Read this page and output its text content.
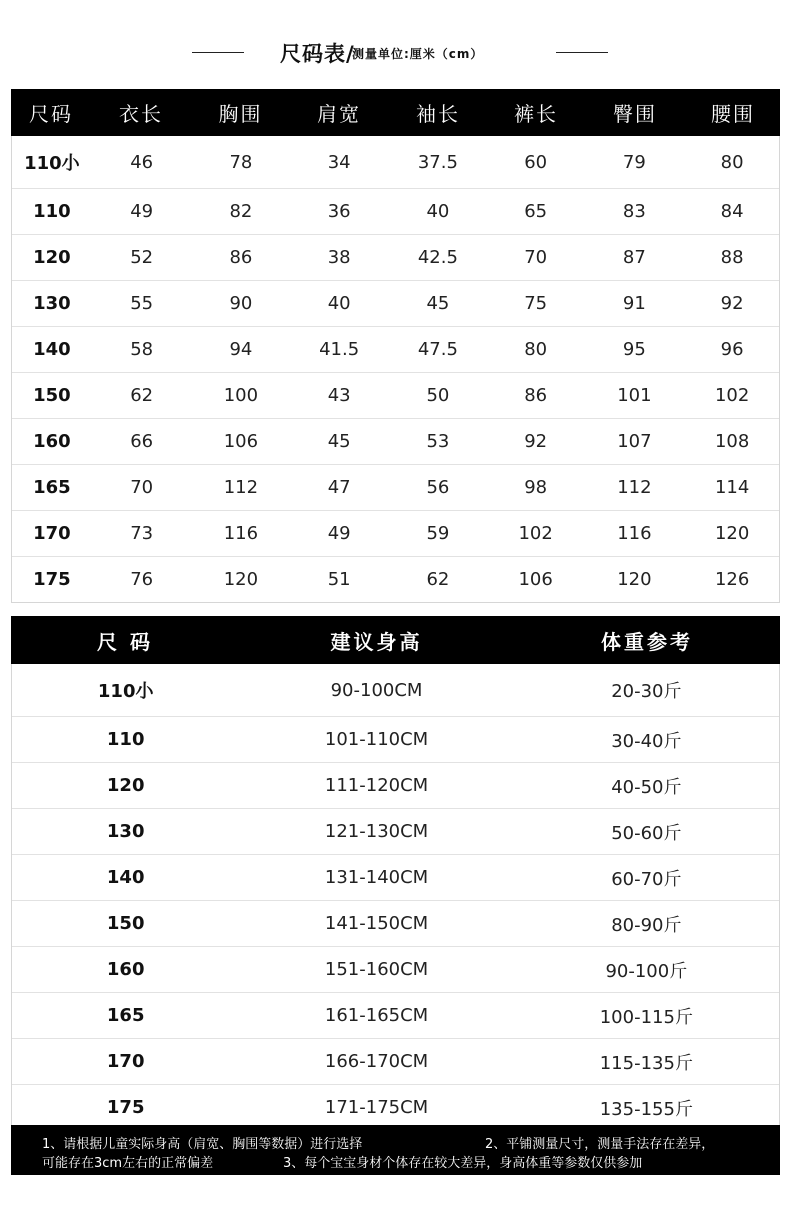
尺码表/
测量单位:厘米（cm）
尺码	衣长	胸围	肩宽	袖长	裤长	臀围	腰围
110小	46	78	34	37.5	60	79	80
110	49	82	36	40	65	83	84
120	52	86	38	42.5	70	87	88
130	55	90	40	45	75	91	92
140	58	94	41.5	47.5	80	95	96
150	62	100	43	50	86	101	102
160	66	106	45	53	92	107	108
165	70	112	47	56	98	112	114
170	73	116	49	59	102	116	120
175	76	120	51	62	106	120	126
尺 码	建议身高	体重参考
110小	90-100CM	20-30斤
110	101-110CM	30-40斤
120	111-120CM	40-50斤
130	121-130CM	50-60斤
140	131-140CM	60-70斤
150	141-150CM	80-90斤
160	151-160CM	90-100斤
165	161-165CM	100-115斤
170	166-170CM	115-135斤
175	171-175CM	135-155斤
1、请根据儿童实际身高（肩宽、胸围等数据）进行选择	2、平铺测量尺寸，测量手法存在差异，
可能存在3cm左右的正常偏差	3、每个宝宝身材个体存在较大差异，身高体重等参数仅供参加
